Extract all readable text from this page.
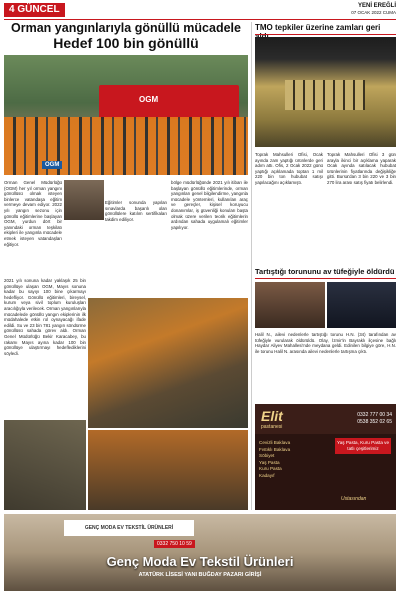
4 GÜNCEL	YENİ EREĞLİ
07 OCAK 2022 CUMA
Orman yangınlarıyla gönüllü mücadele
Hedef 100 bin gönüllü
OGM
OGM
Orman Genel Müdürlüğü (OGM) her yıl orman yangını gönüllüsü olmak isteyen binlerce vatandaşa eğitim vermeye devam ediyor. 2022 yılı yangın sezonu için gönüllü eğitimlerine başlayan OGM, yurdun dört bir yanındaki orman teşkilatı ekipleri ile yangınla mücadele etmek isteyen vatandaşları eğitiyor.
Eğitimler sonunda yapılan sınavlarda başarılı olan gönüllülere katılım sertifikaları takdim ediliyor.
bölge müdürlüğünde 2021 yılı itibarı ile başlayan gönüllü eğitimlerinde, orman yangınları genel bilgilendirme, yangınla mücadele yöntemleri, kullanılan araç ve gereçler, kişisel koruyucu donanımlar, iş güvenliği konuları başta olmak üzere verilen teorik eğitimlerin ardından sahada uygulamalı eğitimler yapılıyor.
2021 yılı sonuna kadar yaklaşık 25 bin gönüllüye ulaşan OGM, Mayıs sonuna kadar bu sayıyı 100 bine çıkarmayı hedefliyor. Gönüllü eğitimleri, bireysel, kurum veya sivil toplum kuruluşları aracılığıyla verilecek. Orman yangınlarıyla mücadelede gönüllü yangın ekiplerinin ilk müdahalede etkin rol oynayacağı ifade edildi. Su ve 23 bin 781 yangın söndürme gönüllüsü sahada görev aldı. Orman Genel Müdürlüğü Bekir Karacabey, bu rakamı Mayıs ayına kadar 100 bin gönüllüye ulaştırmayı hedeflediklerini söyledi.
TMO tepkiler üzerine zamları geri
Toprak Mahsulleri Ofisi, Ocak ayında zam yaptığı ürünlerde geri adım attı. Ofis, 2 Ocak 2022 günü yaptığı açıklamada toptan 1 mil 220 bin ton hububat satışı yapılacağını açıklamıştı.
Toprak Mahsulleri Ofisi 3 gün arayla ikinci bir açıklama yaparak Ocak ayında satılacak hububat ürünlerinin fiyatlarında değişikliğe gitti. Bursa'dan 3 bin 220 ve 3 bin 270 lira arası satış fiyatı belirlendi.
Tartıştığı torununu av tüfeğiyle öldürdü
Halil N., ailevi nedenlerle tartıştığı torunu H.N. (34) tarafından av tüfeğiyle vurularak öldürüldü. Olay, İzmir'in Bayraklı ilçesine bağlı Haydar Aliyev Mahallesi'nde meydana geldi. Edinilen bilgiye göre, H.N. ile torunu Halil N. arasında ailevi nedenlerle tartışma çıktı.
Elit
pastanesi
0332 777 00 34
0538 352 02 65
Cevizli Baklava
Fıstıklı Baklava
Söbiyet
Yaş Pasta
Kuru Pasta
Kadayıf
Yaş Pasta, Kuru Pasta ve tatlı çeşitlerimiz
Ustasından
GENÇ MODA EV TEKSTİL ÜRÜNLERİ
0332 750 10 59
Genç Moda Ev Tekstil Ürünleri
ATATÜRK LİSESİ YANI BUĞDAY PAZARI GİRİŞİ
